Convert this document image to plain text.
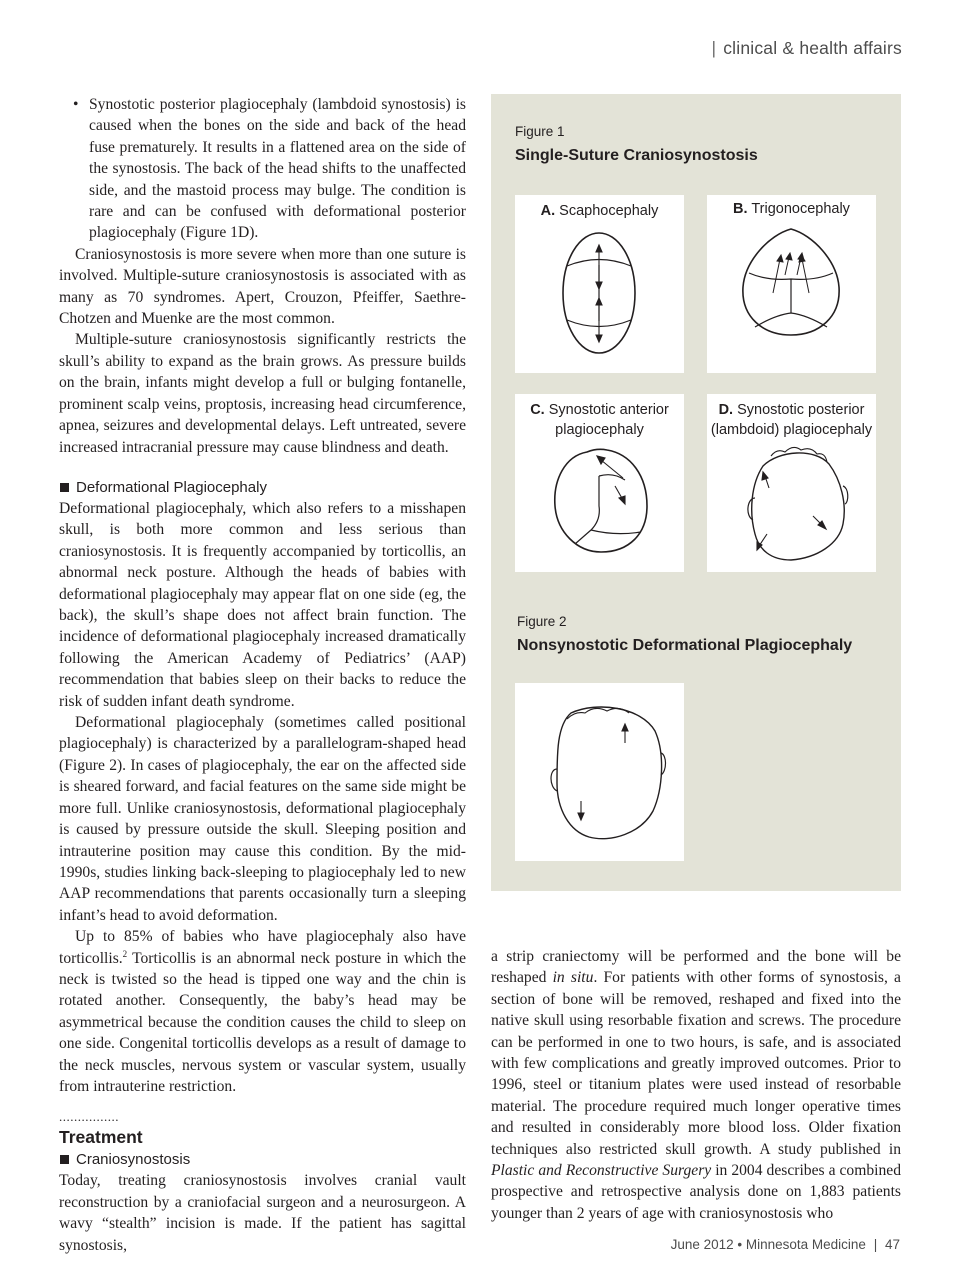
| clinical & health affairs
• Synostotic posterior plagiocephaly (lambdoid synostosis) is caused when the bones on the side and back of the head fuse prematurely. It results in a flattened area on the side of the synostosis. The back of the head shifts to the unaffected side, and the mastoid process may bulge. The condition is rare and can be confused with deformational posterior plagiocephaly (Figure 1D).

Craniosynostosis is more severe when more than one suture is involved. Multiple-suture craniosynostosis is associated with as many as 70 syndromes. Apert, Crouzon, Pfeiffer, Saethre-Chotzen and Muenke are the most common.

Multiple-suture craniosynostosis significantly restricts the skull’s ability to expand as the brain grows. As pressure builds on the brain, infants might develop a full or bulging fontanelle, prominent scalp veins, proptosis, increasing head circumference, apnea, seizures and developmental delays. Left untreated, severe increased intracranial pressure may cause blindness and death.

Deformational Plagiocephaly

Deformational plagiocephaly, which also refers to a misshapen skull, is both more common and less serious than craniosynostosis. It is frequently accompanied by torticollis, an abnormal neck posture. Although the heads of babies with deformational plagiocephaly may appear flat on one side (eg, the back), the skull’s shape does not affect brain function. The incidence of deformational plagiocephaly increased dramatically following the American Academy of Pediatrics’ (AAP) recommendation that babies sleep on their backs to reduce the risk of sudden infant death syndrome.

Deformational plagiocephaly (sometimes called positional plagiocephaly) is characterized by a parallelogram-shaped head (Figure 2). In cases of plagiocephaly, the ear on the affected side is sheared forward, and facial features on the same side might be more full. Unlike craniosynostosis, deformational plagiocephaly is caused by pressure outside the skull. Sleeping position and intrauterine position may cause this condition. By the mid-1990s, studies linking back-sleeping to plagiocephaly led to new AAP recommendations that parents occasionally turn a sleeping infant’s head to avoid deformation.

Up to 85% of babies who have plagiocephaly also have torticollis.$^2$ Torticollis is an abnormal neck posture in which the neck is twisted so the head is tipped one way and the chin is rotated another. Consequently, the baby’s head may be asymmetrical because the condition causes the child to sleep on one side. Congenital torticollis develops as a result of damage to the neck muscles, nervous system or vascular system, usually from intrauterine restriction.

................
Treatment
Craniosynostosis

Today, treating craniosynostosis involves cranial vault reconstruction by a craniofacial surgeon and a neurosurgeon. A wavy “stealth” incision is made. If the patient has sagittal synostosis,

Figure 1
Single-Suture Craniosynostosis
A. Scaphocephaly	B. Trigonocephaly
C. Synostotic anterior plagiocephaly
D. Synostotic posterior (lambdoid) plagiocephaly
Figure 2
Nonsynostotic Deformational Plagiocephaly

a strip craniectomy will be performed and the bone will be reshaped in situ. For patients with other forms of synostosis, a section of bone will be removed, reshaped and fixed into the native skull using resorbable fixation and screws. The procedure can be performed in one to two hours, is safe, and is associated with few complications and greatly improved outcomes. Prior to 1996, steel or titanium plates were used instead of resorbable material. The procedure required much longer operative times and resulted in considerably more blood loss. Older fixation techniques also restricted skull growth. A study published in Plastic and Reconstructive Surgery in 2004 describes a combined prospective and retrospective analysis done on 1,883 patients younger than 2 years of age with craniosynostosis who

June 2012 • Minnesota Medicine | 47
